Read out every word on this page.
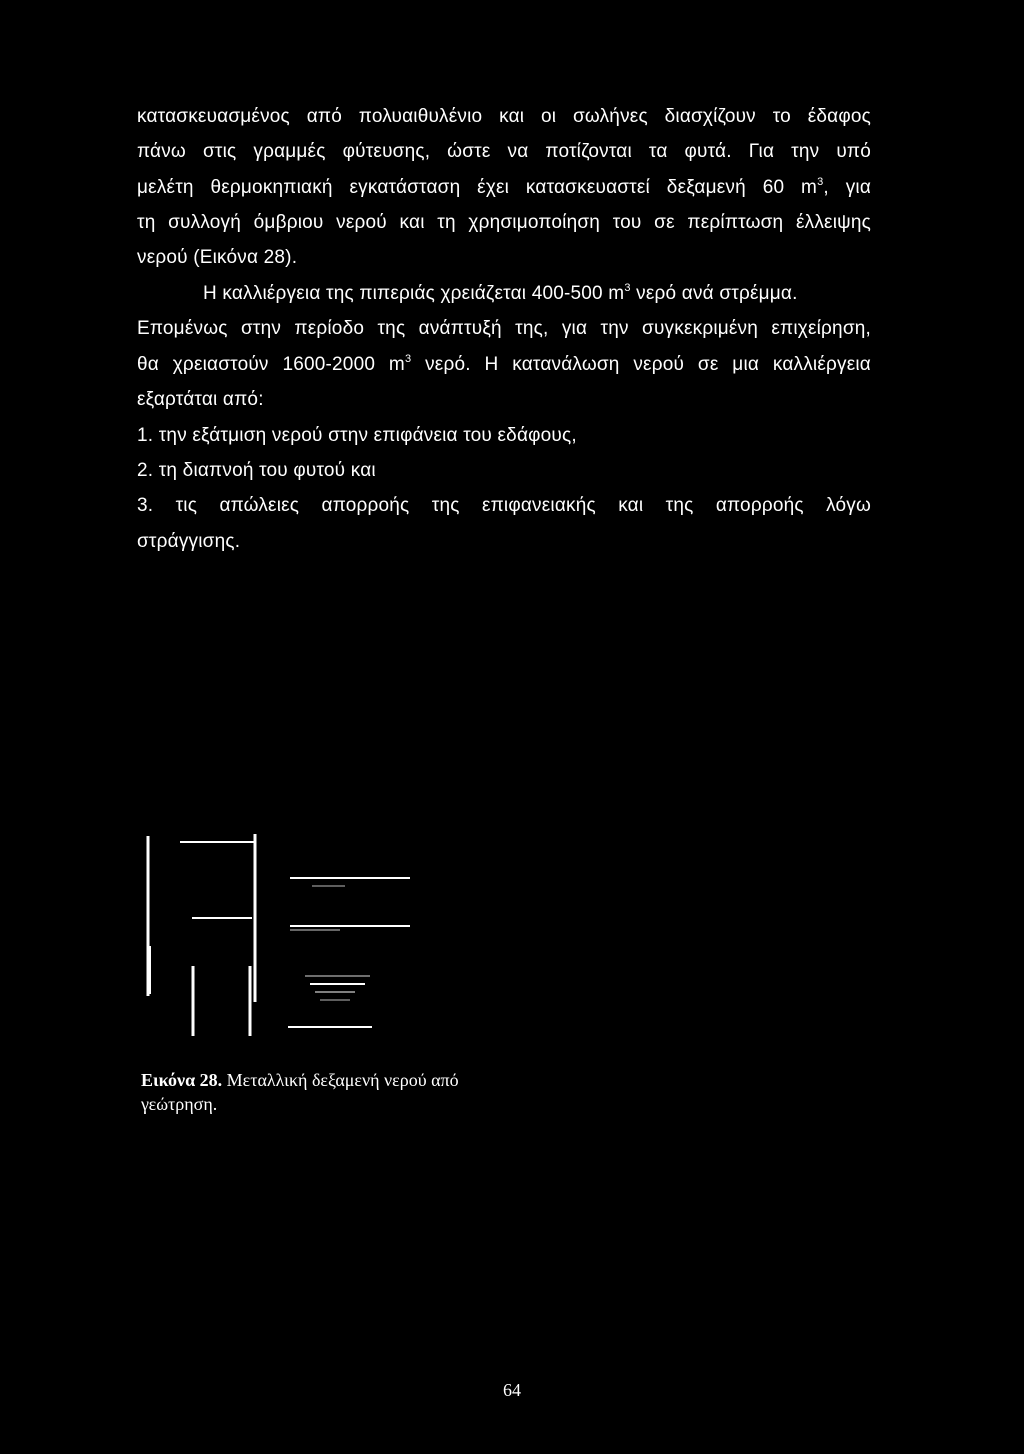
κατασκευασμένος από πολυαιθυλένιο και οι σωλήνες διασχίζουν το έδαφος
πάνω στις γραμμές φύτευσης, ώστε να ποτίζονται τα φυτά. Για την υπό
μελέτη θερμοκηπιακή εγκατάσταση έχει κατασκευαστεί δεξαμενή 60 $m^3$, για
τη συλλογή όμβριου νερού και τη χρησιμοποίηση του σε περίπτωση έλλειψης
νερού (Εικόνα 28).
Η καλλιέργεια της πιπεριάς χρειάζεται 400-500 $m^3$ νερό ανά στρέμμα.
Επομένως στην περίοδο της ανάπτυξή της, για την συγκεκριμένη επιχείρηση,
θα χρειαστούν 1600-2000 $m^3$ νερό. Η κατανάλωση νερού σε μια καλλιέργεια
εξαρτάται από:
1. την εξάτμιση νερού στην επιφάνεια του εδάφους,
2. τη διαπνοή του φυτού και
3. τις απώλειες απορροής της επιφανειακής και της απορροής λόγω
στράγγισης.
Εικόνα 28. Μεταλλική δεξαμενή νερού από
γεώτρηση.
64
